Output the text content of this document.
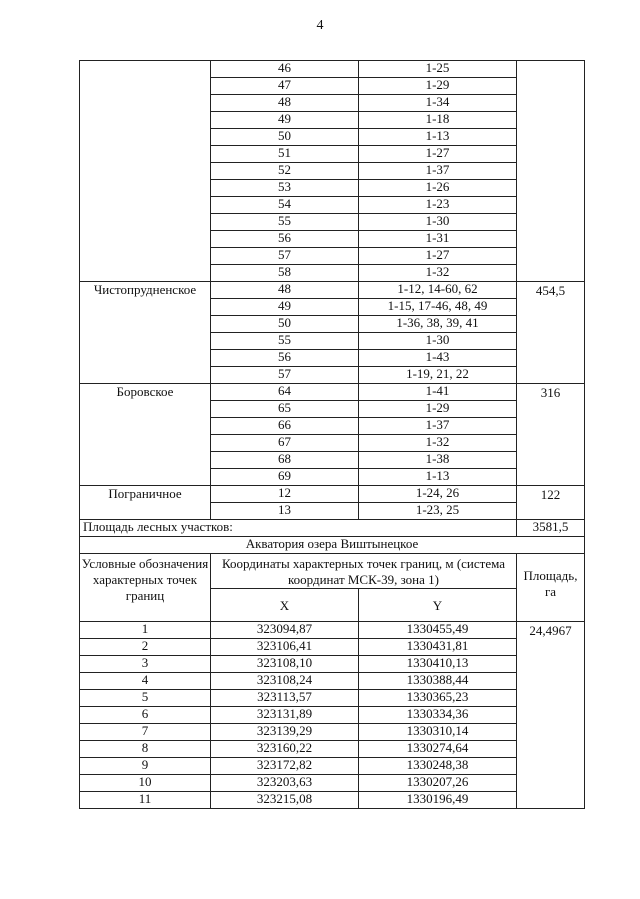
4
	46	1-25	
	47	1-29	
	48	1-34	
	49	1-18	
	50	1-13	
	51	1-27	
	52	1-37	
	53	1-26	
	54	1-23	
	55	1-30	
	56	1-31	
	57	1-27	
	58	1-32	
Чистопрудненское	48	1-12, 14-60, 62	454,5
	49	1-15, 17-46, 48, 49	
	50	1-36, 38, 39, 41	
	55	1-30	
	56	1-43	
	57	1-19, 21, 22	
Боровское	64	1-41	316
	65	1-29	
	66	1-37	
	67	1-32	
	68	1-38	
	69	1-13	
Пограничное	12	1-24, 26	122
	13	1-23, 25	
Площадь лесных участков:			3581,5
Акватория озера Виштынецкое			
Условные обозначения характерных точек границ	Координаты характерных точек границ, м (система координат МСК-39, зона 1)		Площадь, га
	X	Y	
1	323094,87	1330455,49	24,4967
2	323106,41	1330431,81	
3	323108,10	1330410,13	
4	323108,24	1330388,44	
5	323113,57	1330365,23	
6	323131,89	1330334,36	
7	323139,29	1330310,14	
8	323160,22	1330274,64	
9	323172,82	1330248,38	
10	323203,63	1330207,26	
11	323215,08	1330196,49	
